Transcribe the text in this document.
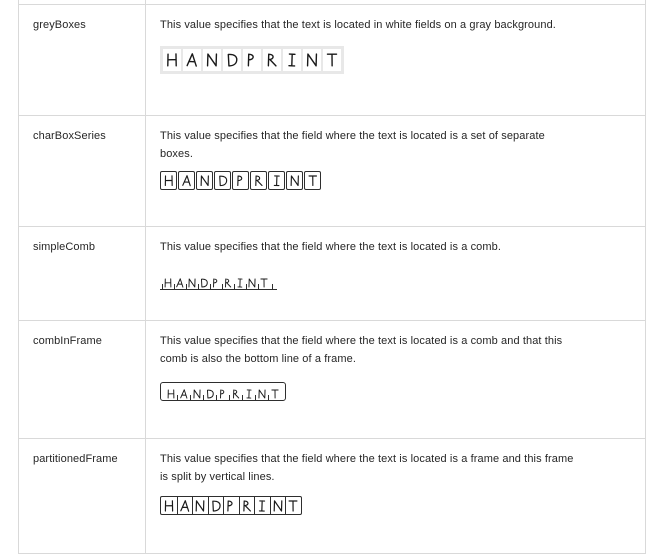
greyBoxes	This value specifies that the text is located in white fields on a gray background.
charBoxSeries	This value specifies that the field where the text is located is a set of separate
boxes.
simpleComb	This value specifies that the field where the text is located is a comb.
combInFrame	This value specifies that the field where the text is located is a comb and that this
comb is also the bottom line of a frame.
partitionedFrame	This value specifies that the field where the text is located is a frame and this frame
is split by vertical lines.
